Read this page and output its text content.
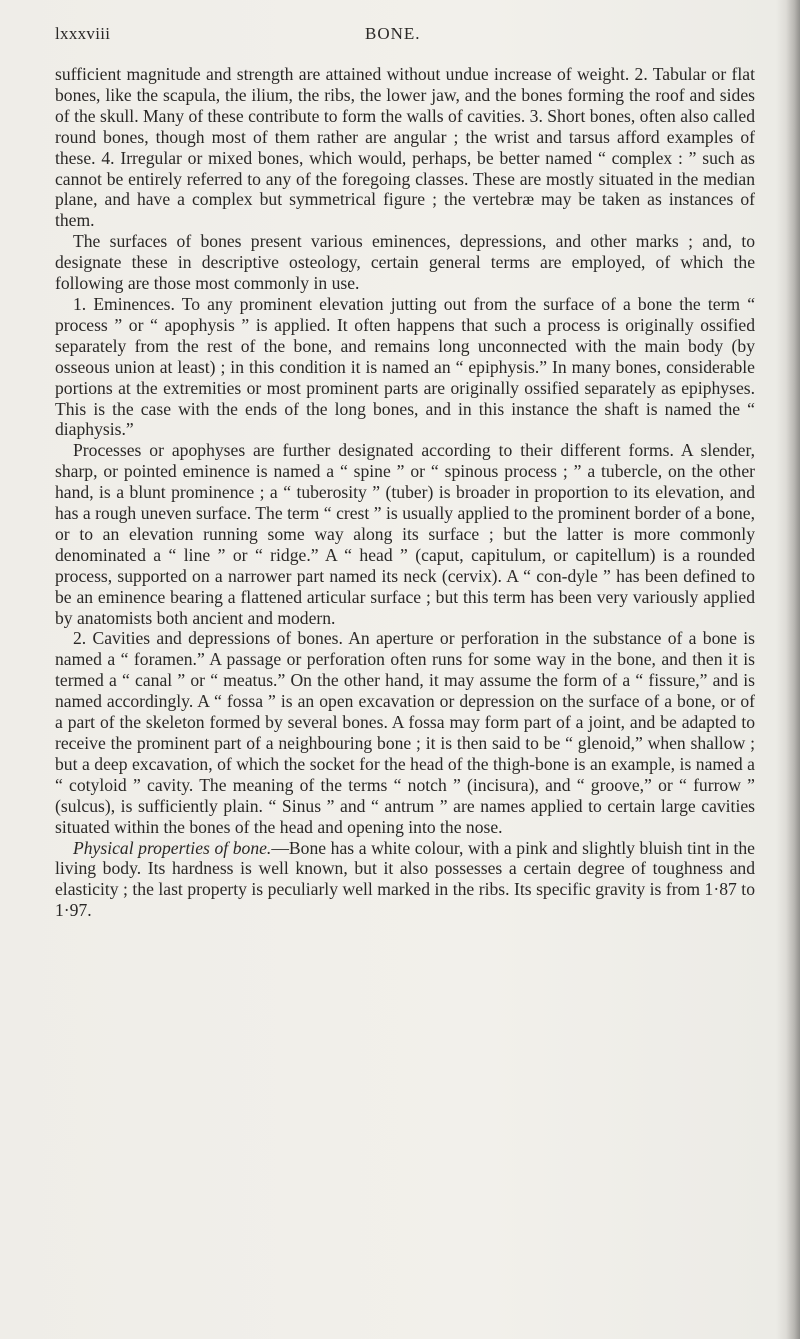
lxxxviii	BONE.

sufficient magnitude and strength are attained without undue increase of weight. 2. Tabular or flat bones, like the scapula, the ilium, the ribs, the lower jaw, and the bones forming the roof and sides of the skull. Many of these contribute to form the walls of cavities. 3. Short bones, often also called round bones, though most of them rather are angular ; the wrist and tarsus afford examples of these. 4. Irregular or mixed bones, which would, perhaps, be better named “ complex : ” such as cannot be entirely referred to any of the foregoing classes. These are mostly situated in the median plane, and have a complex but symmetrical figure ; the vertebræ may be taken as instances of them.

The surfaces of bones present various eminences, depressions, and other marks ; and, to designate these in descriptive osteology, certain general terms are employed, of which the following are those most commonly in use.

1. Eminences. To any prominent elevation jutting out from the surface of a bone the term “ process ” or “ apophysis ” is applied. It often happens that such a process is originally ossified separately from the rest of the bone, and remains long unconnected with the main body (by osseous union at least) ; in this condition it is named an “ epiphysis.” In many bones, considerable portions at the extremities or most prominent parts are originally ossified separately as epiphyses. This is the case with the ends of the long bones, and in this instance the shaft is named the “ diaphysis.”

Processes or apophyses are further designated according to their different forms. A slender, sharp, or pointed eminence is named a “ spine ” or “ spinous process ; ” a tubercle, on the other hand, is a blunt prominence ; a “ tuberosity ” (tuber) is broader in proportion to its elevation, and has a rough uneven surface. The term “ crest ” is usually applied to the prominent border of a bone, or to an elevation running some way along its surface ; but the latter is more commonly denominated a “ line ” or “ ridge.” A “ head ” (caput, capitulum, or capitellum) is a rounded process, supported on a narrower part named its neck (cervix). A “ con-dyle ” has been defined to be an eminence bearing a flattened articular surface ; but this term has been very variously applied by anatomists both ancient and modern.

2. Cavities and depressions of bones. An aperture or perforation in the substance of a bone is named a “ foramen.” A passage or perforation often runs for some way in the bone, and then it is termed a “ canal ” or “ meatus.” On the other hand, it may assume the form of a “ fissure,” and is named accordingly. A “ fossa ” is an open excavation or depression on the surface of a bone, or of a part of the skeleton formed by several bones. A fossa may form part of a joint, and be adapted to receive the prominent part of a neighbouring bone ; it is then said to be “ glenoid,” when shallow ; but a deep excavation, of which the socket for the head of the thigh-bone is an example, is named a “ cotyloid ” cavity. The meaning of the terms “ notch ” (incisura), and “ groove,” or “ furrow ” (sulcus), is sufficiently plain. “ Sinus ” and “ antrum ” are names applied to certain large cavities situated within the bones of the head and opening into the nose.

Physical properties of bone.—Bone has a white colour, with a pink and slightly bluish tint in the living body. Its hardness is well known, but it also possesses a certain degree of toughness and elasticity ; the last property is peculiarly well marked in the ribs. Its specific gravity is from 1·87 to 1·97.
